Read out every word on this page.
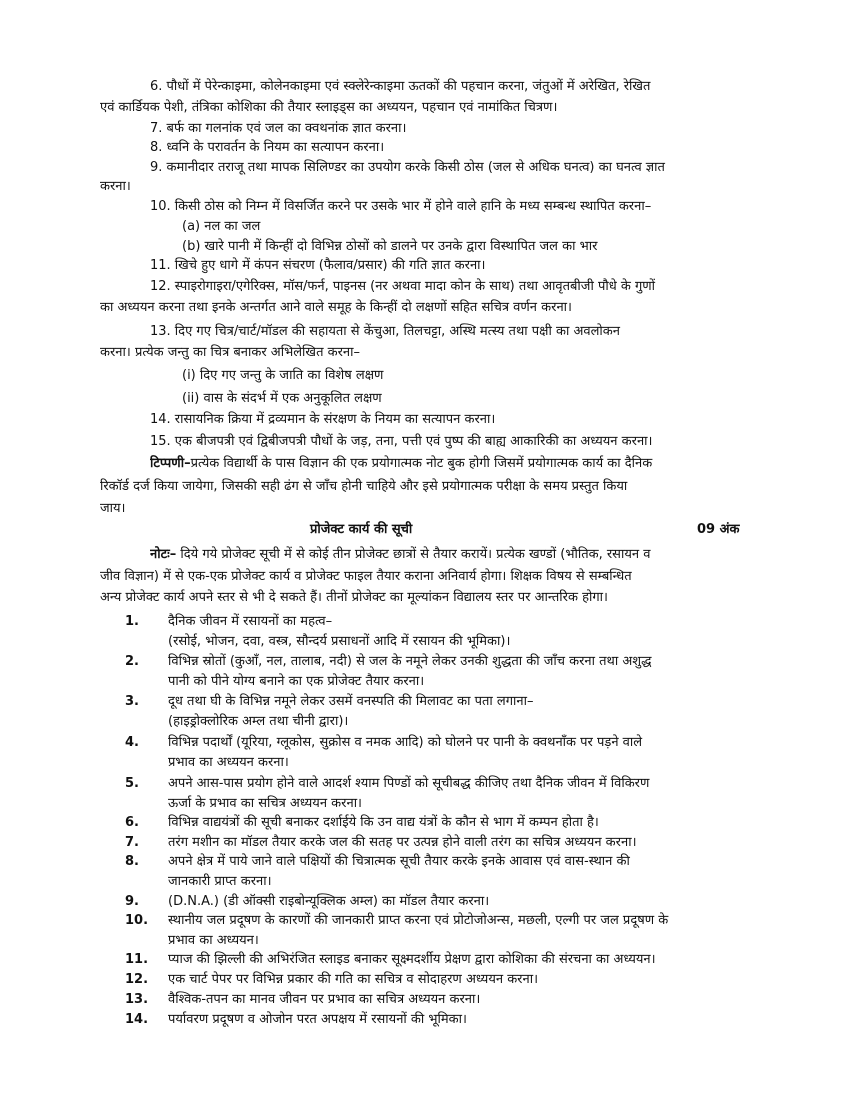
6. पौधों में पेरेन्काइमा, कोलेनकाइमा एवं स्क्लेरेन्काइमा ऊतकों की पहचान करना, जंतुओं में अरेखित, रेखित
एवं कार्डियक पेशी, तंत्रिका कोशिका की तैयार स्लाइड्स का अध्ययन, पहचान एवं नामांकित चित्रण।
7. बर्फ का गलनांक एवं जल का क्वथनांक ज्ञात करना।
8. ध्वनि के परावर्तन के नियम का सत्यापन करना।
9. कमानीदार तराजू तथा मापक सिलिण्डर का उपयोग करके किसी ठोस (जल से अधिक घनत्व) का घनत्व ज्ञात
करना।
10. किसी ठोस को निम्न में विसर्जित करने पर उसके भार में होने वाले हानि के मध्य सम्बन्ध स्थापित करना–
(a) नल का जल
(b) खारे पानी में किन्हीं दो विभिन्न ठोसों को डालने पर उनके द्वारा विस्थापित जल का भार
11. खिचे हुए धागे में कंपन संचरण (फैलाव/प्रसार) की गति ज्ञात करना।
12. स्पाइरोगाइरा/एगेरिक्स, मॉस/फर्न, पाइनस (नर अथवा मादा कोन के साथ) तथा आवृतबीजी पौधे के गुणों
का अध्ययन करना तथा इनके अन्तर्गत आने वाले समूह के किन्हीं दो लक्षणों सहित सचित्र वर्णन करना।
13. दिए गए चित्र/चार्ट/मॉडल की सहायता से केंचुआ, तिलचट्टा, अस्थि मत्स्य तथा पक्षी का अवलोकन
करना। प्रत्येक जन्तु का चित्र बनाकर अभिलेखित करना–
(i) दिए गए जन्तु के जाति का विशेष लक्षण
(ii) वास के संदर्भ में एक अनुकूलित लक्षण
14. रासायनिक क्रिया में द्रव्यमान के संरक्षण के नियम का सत्यापन करना।
15. एक बीजपत्री एवं द्विबीजपत्री पौधों के जड़, तना, पत्ती एवं पुष्प की बाह्य आकारिकी का अध्ययन करना।
टिप्पणी–प्रत्येक विद्यार्थी के पास विज्ञान की एक प्रयोगात्मक नोट बुक होगी जिसमें प्रयोगात्मक कार्य का दैनिक
रिकॉर्ड दर्ज किया जायेगा, जिसकी सही ढंग से जाँच होनी चाहिये और इसे प्रयोगात्मक परीक्षा के समय प्रस्तुत किया
जाय।
प्रोजेक्ट कार्य की सूची	09 अंक
नोटः– दिये गये प्रोजेक्ट सूची में से कोई तीन प्रोजेक्ट छात्रों से तैयार करायें। प्रत्येक खण्डों (भौतिक, रसायन व
जीव विज्ञान) में से एक-एक प्रोजेक्ट कार्य व प्रोजेक्ट फाइल तैयार कराना अनिवार्य होगा। शिक्षक विषय से सम्बन्धित
अन्य प्रोजेक्ट कार्य अपने स्तर से भी दे सकते हैं। तीनों प्रोजेक्ट का मूल्यांकन विद्यालय स्तर पर आन्तरिक होगा।
1. दैनिक जीवन में रसायनों का महत्व–
(रसोई, भोजन, दवा, वस्त्र, सौन्दर्य प्रसाधनों आदि में रसायन की भूमिका)।
2. विभिन्न स्रोतों (कुआँ, नल, तालाब, नदी) से जल के नमूने लेकर उनकी शुद्धता की जाँच करना तथा अशुद्ध
पानी को पीने योग्य बनाने का एक प्रोजेक्ट तैयार करना।
3. दूध तथा घी के विभिन्न नमूने लेकर उसमें वनस्पति की मिलावट का पता लगाना–
(हाइड्रोक्लोरिक अम्ल तथा चीनी द्वारा)।
4. विभिन्न पदार्थों (यूरिया, ग्लूकोस, सुक्रोस व नमक आदि) को घोलने पर पानी के क्वथनाँक पर पड़ने वाले
प्रभाव का अध्ययन करना।
5. अपने आस-पास प्रयोग होने वाले आदर्श श्याम पिण्डों को सूचीबद्ध कीजिए तथा दैनिक जीवन में विकिरण
ऊर्जा के प्रभाव का सचित्र अध्ययन करना।
6. विभिन्न वाद्ययंत्रों की सूची बनाकर दर्शाईये कि उन वाद्य यंत्रों के कौन से भाग में कम्पन होता है।
7. तरंग मशीन का मॉडल तैयार करके जल की सतह पर उत्पन्न होने वाली तरंग का सचित्र अध्ययन करना।
8. अपने क्षेत्र में पाये जाने वाले पक्षियों की चित्रात्मक सूची तैयार करके इनके आवास एवं वास-स्थान की
जानकारी प्राप्त करना।
9. (D.N.A.) (डी ऑक्सी राइबोन्यूक्लिक अम्ल) का मॉडल तैयार करना।
10. स्थानीय जल प्रदूषण के कारणों की जानकारी प्राप्त करना एवं प्रोटोजोअन्स, मछली, एल्गी पर जल प्रदूषण के
प्रभाव का अध्ययन।
11. प्याज की झिल्ली की अभिरंजित स्लाइड बनाकर सूक्ष्मदर्शीय प्रेक्षण द्वारा कोशिका की संरचना का अध्ययन।
12. एक चार्ट पेपर पर विभिन्न प्रकार की गति का सचित्र व सोदाहरण अध्ययन करना।
13. वैश्विक-तपन का मानव जीवन पर प्रभाव का सचित्र अध्ययन करना।
14. पर्यावरण प्रदूषण व ओजोन परत अपक्षय में रसायनों की भूमिका।
